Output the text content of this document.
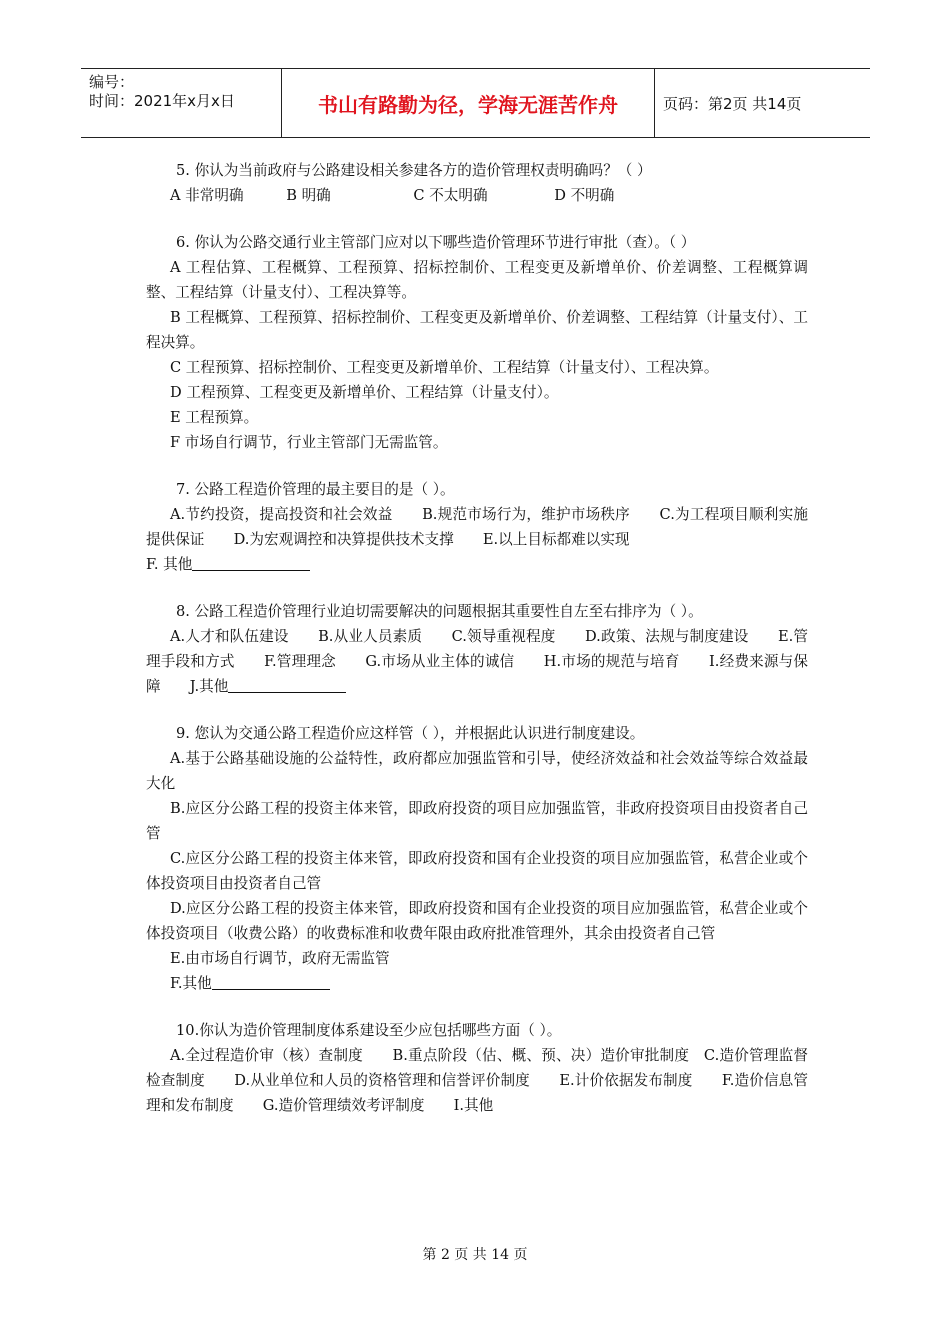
编号：
时间：2021年x月x日	书山有路勤为径，学海无涯苦作舟	页码：第2页 共14页

5. 你认为当前政府与公路建设相关参建各方的造价管理权责明确吗？（ ）

A 非常明确	B 明确	C 不太明确	D 不明确

6. 你认为公路交通行业主管部门应对以下哪些造价管理环节进行审批（查）。（ ）

A 工程估算、工程概算、工程预算、招标控制价、工程变更及新增单价、价差调整、工程概算调整、工程结算（计量支付）、工程决算等。

B 工程概算、工程预算、招标控制价、工程变更及新增单价、价差调整、工程结算（计量支付）、工程决算。

C 工程预算、招标控制价、工程变更及新增单价、工程结算（计量支付）、工程决算。

D 工程预算、工程变更及新增单价、工程结算（计量支付）。

E 工程预算。

F 市场自行调节，行业主管部门无需监管。

7. 公路工程造价管理的最主要目的是（ ）。

A.节约投资，提高投资和社会效益　　B.规范市场行为，维护市场秩序　　C.为工程项目顺利实施提供保证　　D.为宏观调控和决算提供技术支撑　　E.以上目标都难以实现

F. 其他

8. 公路工程造价管理行业迫切需要解决的问题根据其重要性自左至右排序为（ ）。

A.人才和队伍建设　　B.从业人员素质　　C.领导重视程度　　D.政策、法规与制度建设　　E.管理手段和方式　　F.管理理念　　G.市场从业主体的诚信　　H.市场的规范与培育　　I.经费来源与保障　　J.其他

9. 您认为交通公路工程造价应这样管（ ），并根据此认识进行制度建设。

A.基于公路基础设施的公益特性，政府都应加强监管和引导，使经济效益和社会效益等综合效益最大化

B.应区分公路工程的投资主体来管，即政府投资的项目应加强监管，非政府投资项目由投资者自己管

C.应区分公路工程的投资主体来管，即政府投资和国有企业投资的项目应加强监管，私营企业或个体投资项目由投资者自己管

D.应区分公路工程的投资主体来管，即政府投资和国有企业投资的项目应加强监管，私营企业或个体投资项目（收费公路）的收费标准和收费年限由政府批准管理外，其余由投资者自己管

E.由市场自行调节，政府无需监管

F.其他

10.你认为造价管理制度体系建设至少应包括哪些方面（ ）。

A.全过程造价审（核）查制度　　B.重点阶段（估、概、预、决）造价审批制度　C.造价管理监督检查制度　　D.从业单位和人员的资格管理和信誉评价制度　　E.计价依据发布制度　　F.造价信息管理和发布制度　　G.造价管理绩效考评制度　　I.其他

第 2 页 共 14 页
